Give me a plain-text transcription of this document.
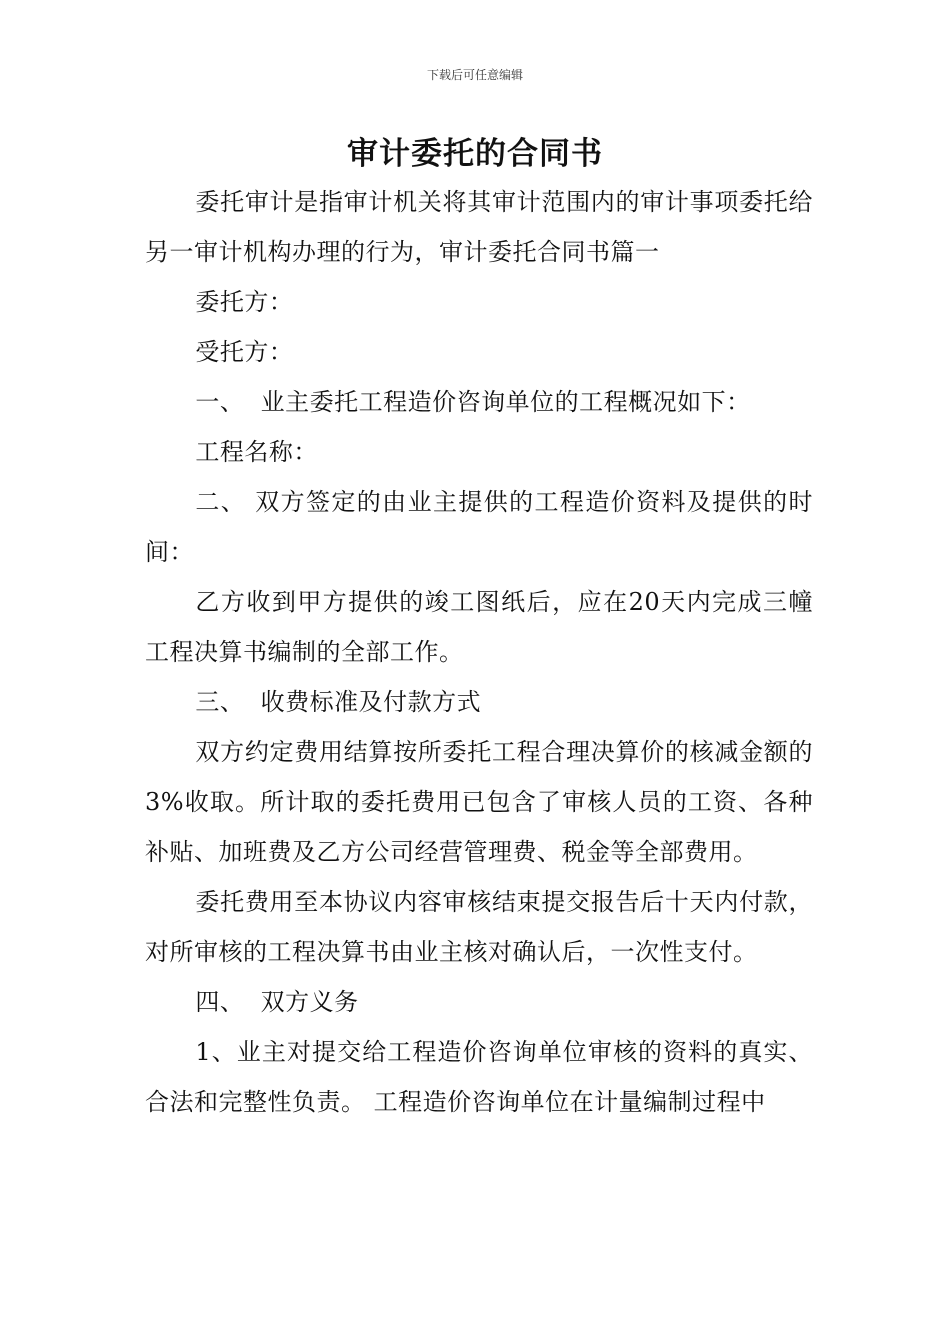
下载后可任意编辑
审计委托的合同书

委托审计是指审计机关将其审计范围内的审计事项委托给另一审计机构办理的行为，审计委托合同书篇一

委托方：

受托方：

一、  业主委托工程造价咨询单位的工程概况如下：

工程名称：

二、 双方签定的由业主提供的工程造价资料及提供的时间：

乙方收到甲方提供的竣工图纸后，应在20天内完成三幢工程决算书编制的全部工作。

三、  收费标准及付款方式

双方约定费用结算按所委托工程合理决算价的核减金额的3%收取。所计取的委托费用已包含了审核人员的工资、各种补贴、加班费及乙方公司经营管理费、税金等全部费用。

委托费用至本协议内容审核结束提交报告后十天内付款，对所审核的工程决算书由业主核对确认后，一次性支付。

四、  双方义务

1、业主对提交给工程造价咨询单位审核的资料的真实、合法和完整性负责。 工程造价咨询单位在计量编制过程中
